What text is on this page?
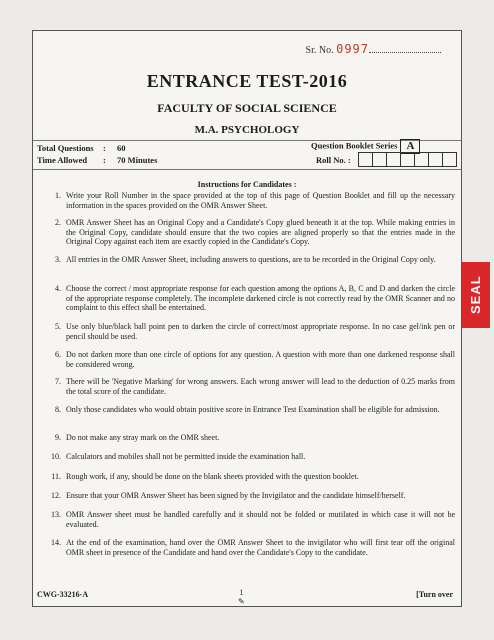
Sr. No. 0997
ENTRANCE TEST-2016
FACULTY OF SOCIAL SCIENCE
M.A. PSYCHOLOGY
Total Questions : 60
Time Allowed : 70 Minutes
Question Booklet Series A
Roll No. :
Instructions for Candidates :
1. Write your Roll Number in the space provided at the top of this page of Question Booklet and fill up the necessary information in the spaces provided on the OMR Answer Sheet.
2. OMR Answer Sheet has an Original Copy and a Candidate's Copy glued beneath it at the top. While making entries in the Original Copy, candidate should ensure that the two copies are aligned properly so that the entries made in the Original Copy against each item are exactly copied in the Candidate's Copy.
3. All entries in the OMR Answer Sheet, including answers to questions, are to be recorded in the Original Copy only.
4. Choose the correct / most appropriate response for each question among the options A, B, C and D and darken the circle of the appropriate response completely. The incomplete darkened circle is not correctly read by the OMR Scanner and no complaint to this effect shall be entertained.
5. Use only blue/black ball point pen to darken the circle of correct/most appropriate response. In no case gel/ink pen or pencil should be used.
6. Do not darken more than one circle of options for any question. A question with more than one darkened response shall be considered wrong.
7. There will be 'Negative Marking' for wrong answers. Each wrong answer will lead to the deduction of 0.25 marks from the total score of the candidate.
8. Only those candidates who would obtain positive score in Entrance Test Examination shall be eligible for admission.
9. Do not make any stray mark on the OMR sheet.
10. Calculators and mobiles shall not be permitted inside the examination hall.
11. Rough work, if any, should be done on the blank sheets provided with the question booklet.
12. Ensure that your OMR Answer Sheet has been signed by the Invigilator and the candidate himself/herself.
13. OMR Answer sheet must be handled carefully and it should not be folded or mutilated in which case it will not be evaluated.
14. At the end of the examination, hand over the OMR Answer Sheet to the invigilator who will first tear off the original OMR sheet in presence of the Candidate and hand over the Candidate's Copy to the candidate.
CWG-33216-A	1
✎
[Turn over
SEAL
